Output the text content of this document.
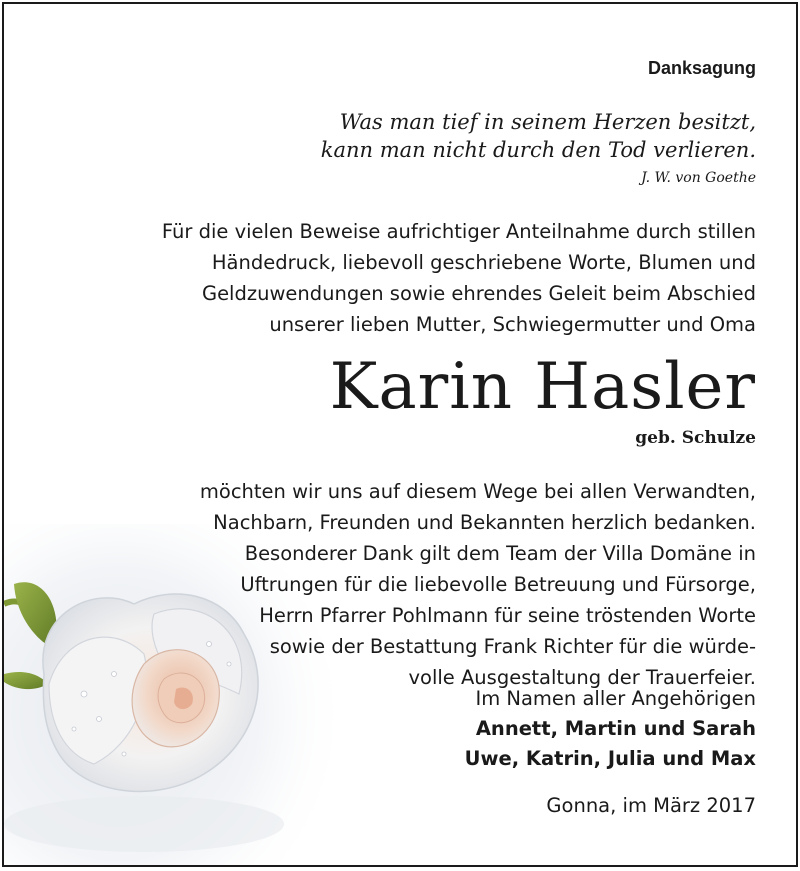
Danksagung
Was man tief in seinem Herzen besitzt,
kann man nicht durch den Tod verlieren.
J. W. von Goethe
Für die vielen Beweise aufrichtiger Anteilnahme durch stillen
Händedruck, liebevoll geschriebene Worte, Blumen und
Geldzuwendungen sowie ehrendes Geleit beim Abschied
unserer lieben Mutter, Schwiegermutter und Oma
Karin Hasler
geb. Schulze
möchten wir uns auf diesem Wege bei allen Verwandten,
Nachbarn, Freunden und Bekannten herzlich bedanken.
Besonderer Dank gilt dem Team der Villa Domäne in
Uftrungen für die liebevolle Betreuung und Fürsorge,
Herrn Pfarrer Pohlmann für seine tröstenden Worte
sowie der Bestattung Frank Richter für die würde-
volle Ausgestaltung der Trauerfeier.
Im Namen aller Angehörigen
Annett, Martin und Sarah
Uwe, Katrin, Julia und Max
Gonna, im März 2017
